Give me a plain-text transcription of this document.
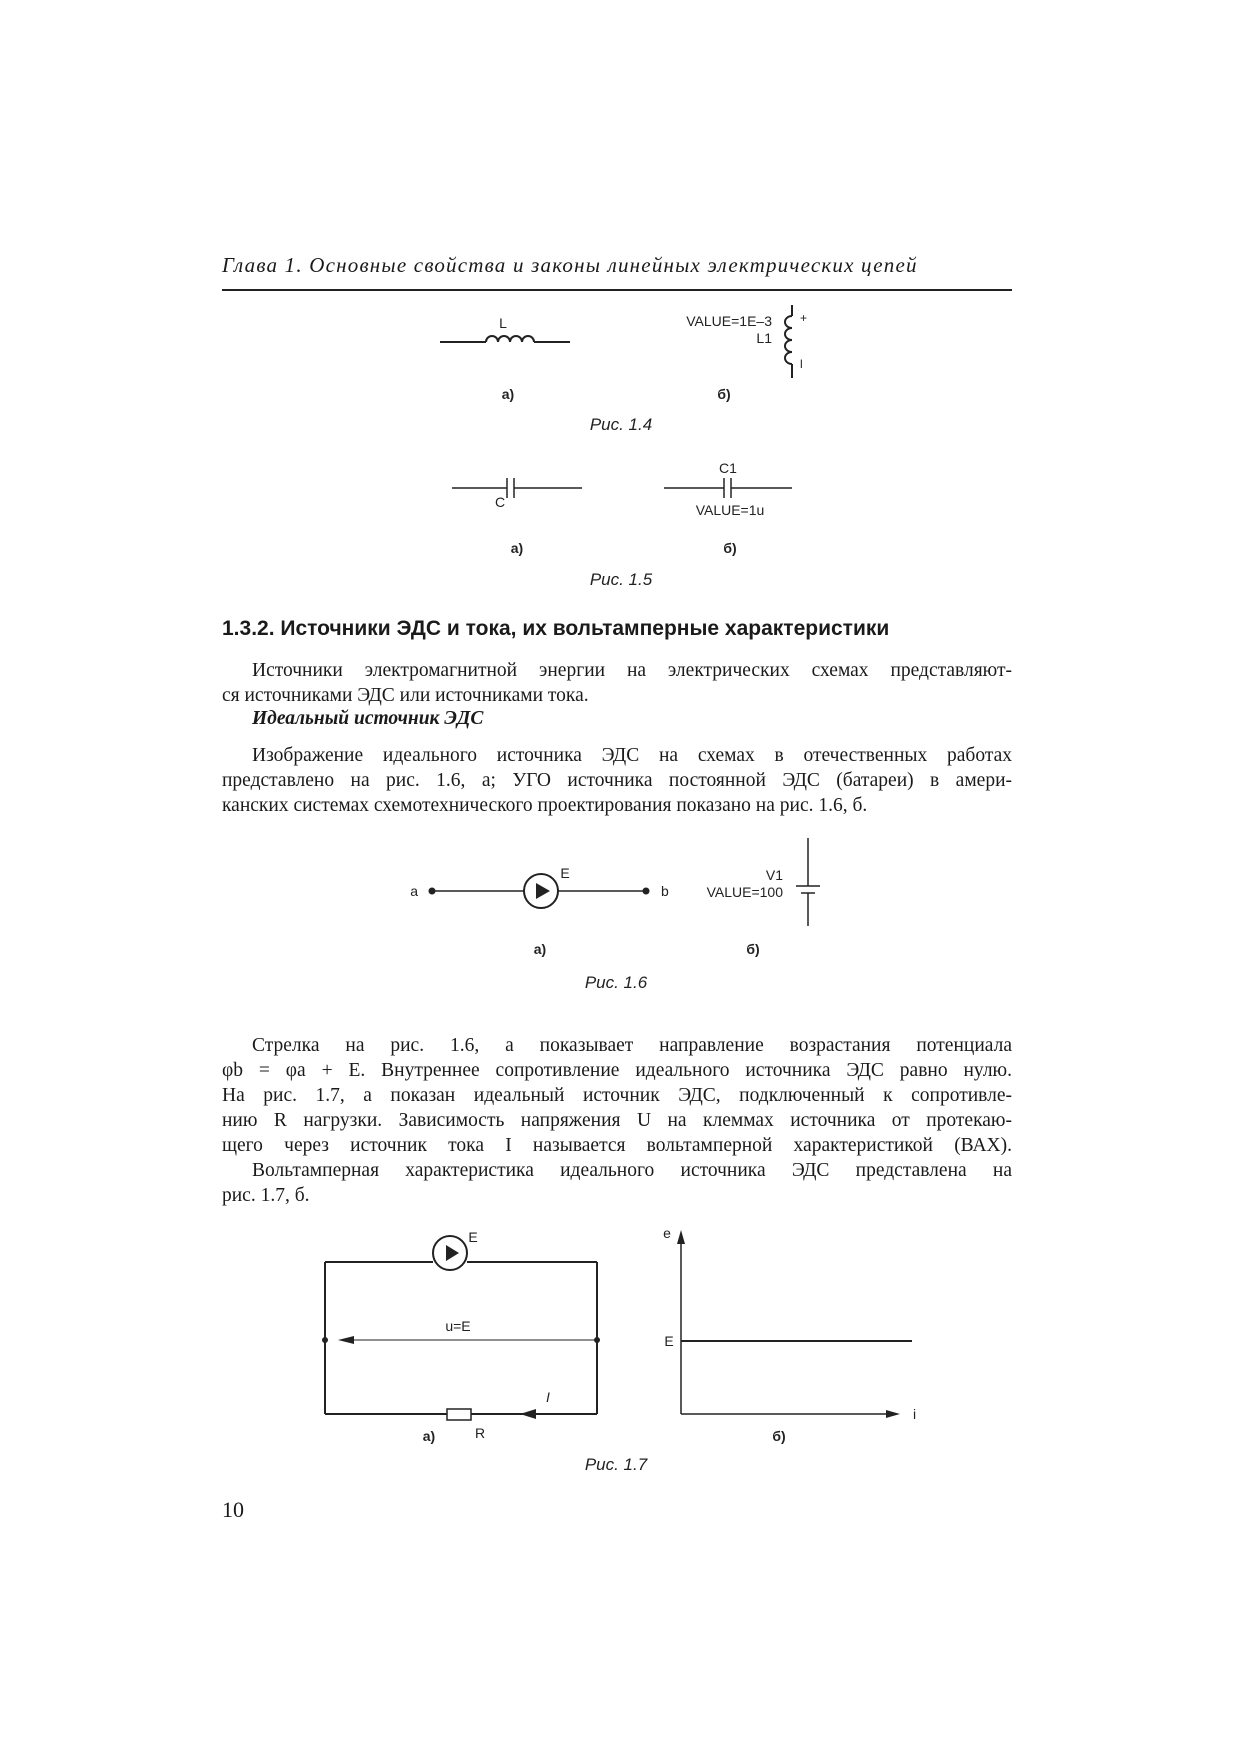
Глава 1. Основные свойства и законы линейных электрических цепей
L
а)
VALUE=1E–3
L1
+
l
б)
Рис. 1.4
C
а)
C1
VALUE=1u
б)
Рис. 1.5
1.3.2. Источники ЭДС и тока, их вольтамперные характеристики
Источники электромагнитной энергии на электрических схемах представляют-
ся источниками ЭДС или источниками тока.
Идеальный источник ЭДС
Изображение идеального источника ЭДС на схемах в отечественных работах
представлено на рис. 1.6, а; УГО источника постоянной ЭДС (батареи) в амери-
канских системах схемотехнического проектирования показано на рис. 1.6, б.
a	b
E
а)
V1
VALUE=100
б)
Рис. 1.6
Стрелка на рис. 1.6, а показывает направление возрастания потенциала
φb = φa + E. Внутреннее сопротивление идеального источника ЭДС равно нулю.
На рис. 1.7, а показан идеальный источник ЭДС, подключенный к сопротивле-
нию R нагрузки. Зависимость напряжения U на клеммах источника от протекаю-
щего через источник тока I называется вольтамперной характеристикой (ВАХ).
Вольтамперная характеристика идеального источника ЭДС представлена на
рис. 1.7, б.
E
u=E
I
R
а)
e
i
E
б)
Рис. 1.7
10
